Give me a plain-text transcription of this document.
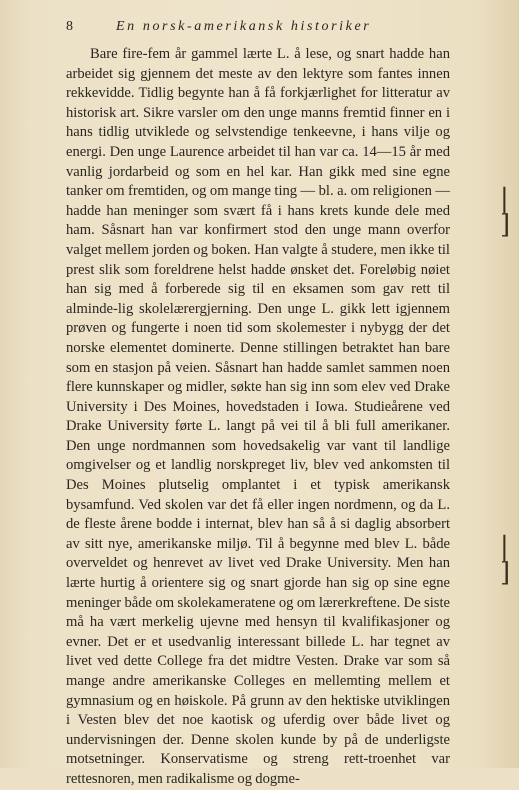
8	En norsk-amerikansk historiker

Bare fire-fem år gammel lærte L. å lese, og snart hadde han arbeidet sig gjennem det meste av den lektyre som fantes innen rekkevidde. Tidlig begynte han å få forkjærlighet for litteratur av historisk art. Sikre varsler om den unge manns fremtid finner en i hans tidlig utviklede og selvstendige tenkeevne, i hans vilje og energi. Den unge Laurence arbeidet til han var ca. 14—15 år med vanlig jordarbeid og som en hel kar. Han gikk med sine egne tanker om fremtiden, og om mange ting — bl. a. om religionen — hadde han meninger som svært få i hans krets kunde dele med ham. Såsnart han var konfirmert stod den unge mann overfor valget mellem jorden og boken. Han valgte å studere, men ikke til prest slik som foreldrene helst hadde ønsket det. Foreløbig nøiet han sig med å forberede sig til en eksamen som gav rett til alminde-lig skolelærergjerning. Den unge L. gikk lett igjennem prøven og fungerte i noen tid som skolemester i nybygg der det norske elementet dominerte. Denne stillingen betraktet han bare som en stasjon på veien. Såsnart han hadde samlet sammen noen flere kunnskaper og midler, søkte han sig inn som elev ved Drake University i Des Moines, hovedstaden i Iowa. Studieårene ved Drake University førte L. langt på vei til å bli full amerikaner. Den unge nordmannen som hovedsakelig var vant til landlige omgivelser og et landlig norskpreget liv, blev ved ankomsten til Des Moines plutselig omplantet i et typisk amerikansk bysamfund. Ved skolen var det få eller ingen nordmenn, og da L. de fleste årene bodde i internat, blev han så å si daglig absorbert av sitt nye, amerikanske miljø. Til å begynne med blev L. både overveldet og henrevet av livet ved Drake University. Men han lærte hurtig å orientere sig og snart gjorde han sig op sine egne meninger både om skolekameratene og om lærerkreftene. De siste må ha vært merkelig ujevne med hensyn til kvalifikasjoner og evner. Det er et usedvanlig interessant billede L. har tegnet av livet ved dette College fra det midtre Vesten. Drake var som så mange andre amerikanske Colleges en mellemting mellem et gymnasium og en høiskole. På grunn av den hektiske utviklingen i Vesten blev det noe kaotisk og uferdig over både livet og undervisningen der. Denne skolen kunde by på de underligste motsetninger. Konservatisme og streng rett-troenhet var rettesnoren, men radikalisme og dogme-

|
]
|
]
